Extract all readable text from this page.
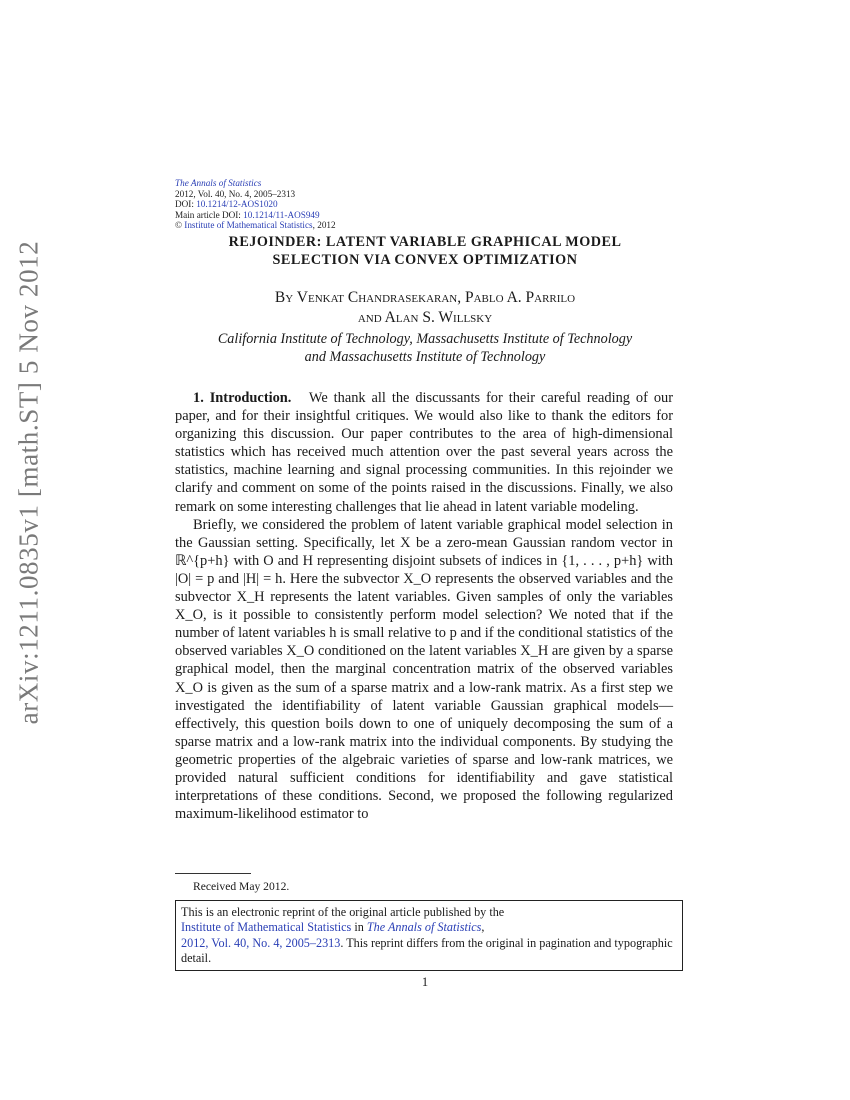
arXiv:1211.0835v1 [math.ST] 5 Nov 2012
The Annals of Statistics
2012, Vol. 40, No. 4, 2005–2313
DOI: 10.1214/12-AOS1020
Main article DOI: 10.1214/11-AOS949
© Institute of Mathematical Statistics, 2012
REJOINDER: LATENT VARIABLE GRAPHICAL MODEL
SELECTION VIA CONVEX OPTIMIZATION
By Venkat Chandrasekaran, Pablo A. Parrilo
and Alan S. Willsky
California Institute of Technology, Massachusetts Institute of Technology
and Massachusetts Institute of Technology

1. Introduction. We thank all the discussants for their careful reading of our paper, and for their insightful critiques. We would also like to thank the editors for organizing this discussion. Our paper contributes to the area of high-dimensional statistics which has received much attention over the past several years across the statistics, machine learning and signal processing communities. In this rejoinder we clarify and comment on some of the points raised in the discussions. Finally, we also remark on some interesting challenges that lie ahead in latent variable modeling.

Briefly, we considered the problem of latent variable graphical model selection in the Gaussian setting. Specifically, let X be a zero-mean Gaussian random vector in ℝ^{p+h} with O and H representing disjoint subsets of indices in {1, . . . , p+h} with |O| = p and |H| = h. Here the subvector X_O represents the observed variables and the subvector X_H represents the latent variables. Given samples of only the variables X_O, is it possible to consistently perform model selection? We noted that if the number of latent variables h is small relative to p and if the conditional statistics of the observed variables X_O conditioned on the latent variables X_H are given by a sparse graphical model, then the marginal concentration matrix of the observed variables X_O is given as the sum of a sparse matrix and a low-rank matrix. As a first step we investigated the identifiability of latent variable Gaussian graphical models—effectively, this question boils down to one of uniquely decomposing the sum of a sparse matrix and a low-rank matrix into the individual components. By studying the geometric properties of the algebraic varieties of sparse and low-rank matrices, we provided natural sufficient conditions for identifiability and gave statistical interpretations of these conditions. Second, we proposed the following regularized maximum-likelihood estimator to

Received May 2012.
This is an electronic reprint of the original article published by the
Institute of Mathematical Statistics in The Annals of Statistics,
2012, Vol. 40, No. 4, 2005–2313. This reprint differs from the original in pagination and typographic detail.
1
